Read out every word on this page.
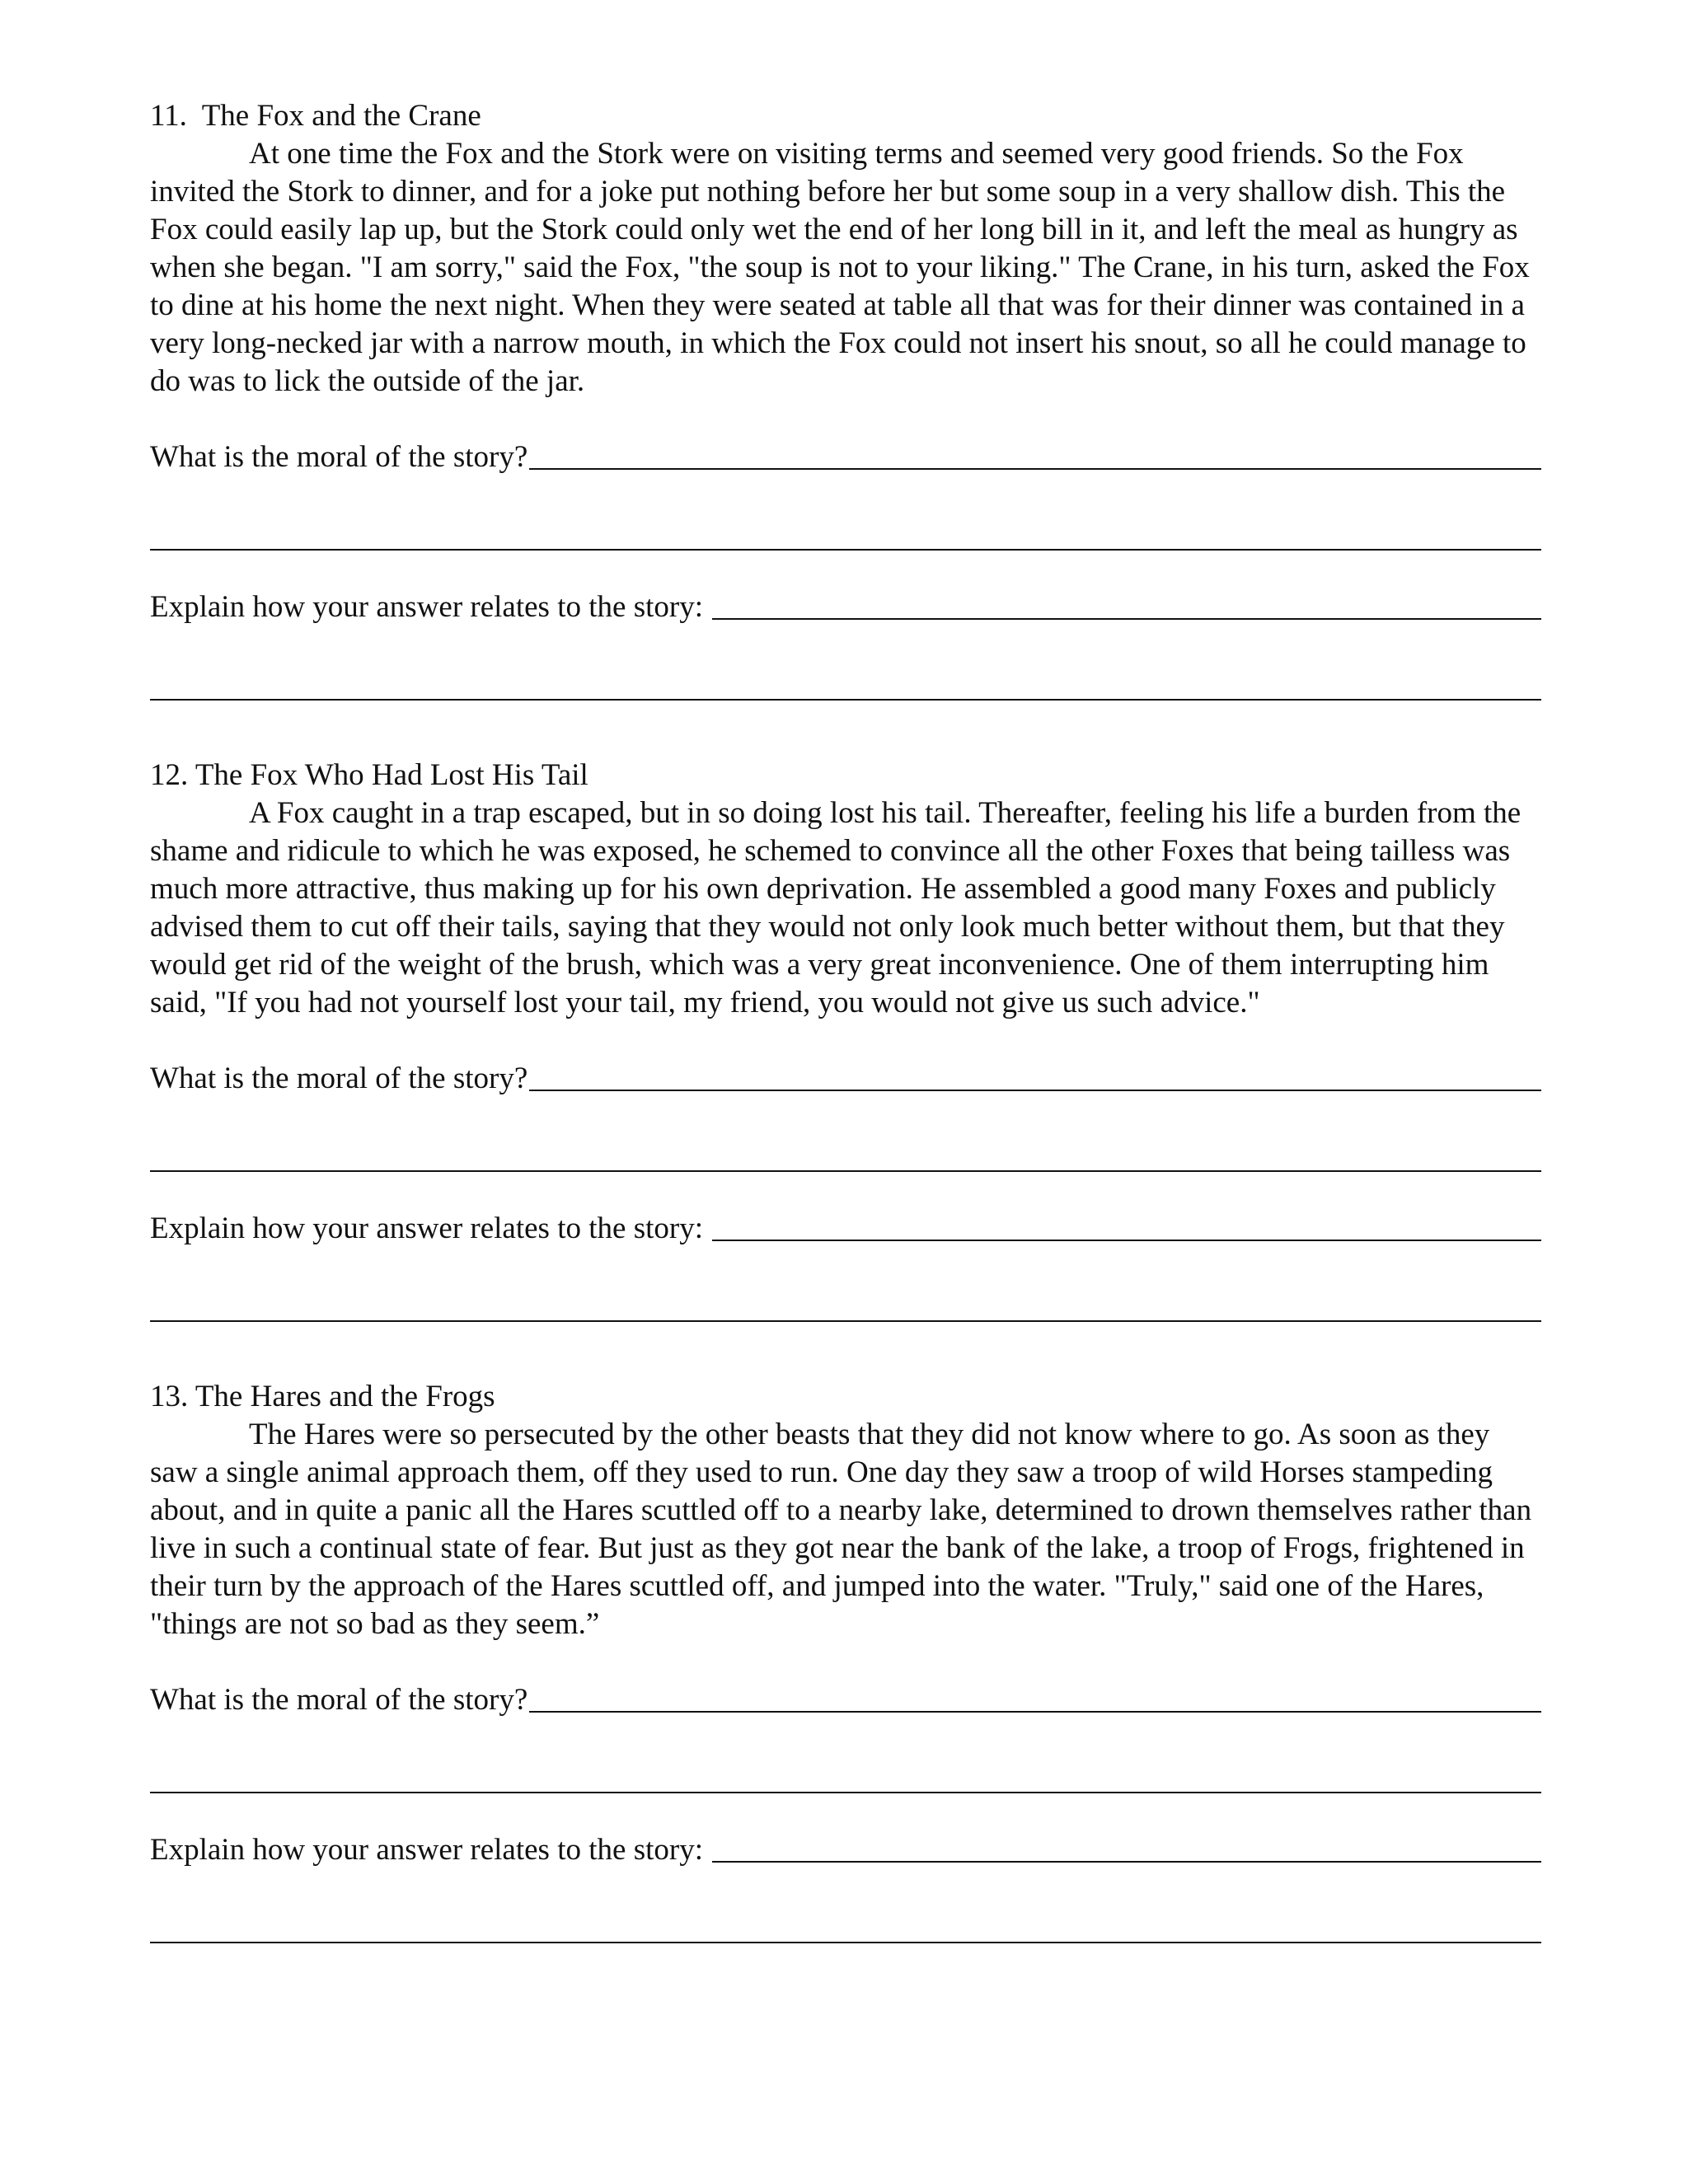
11.  The Fox and the Crane

At one time the Fox and the Stork were on visiting terms and seemed very good friends. So the Fox invited the Stork to dinner, and for a joke put nothing before her but some soup in a very shallow dish. This the Fox could easily lap up, but the Stork could only wet the end of her long bill in it, and left the meal as hungry as when she began. "I am sorry," said the Fox, "the soup is not to your liking." The Crane, in his turn, asked the Fox to dine at his home the next night. When they were seated at table all that was for their dinner was contained in a very long-necked jar with a narrow mouth, in which the Fox could not insert his snout, so all he could manage to do was to lick the outside of the jar.

What is the moral of the story?
Explain how your answer relates to the story:
12. The Fox Who Had Lost His Tail

A Fox caught in a trap escaped, but in so doing lost his tail. Thereafter, feeling his life a burden from the shame and ridicule to which he was exposed, he schemed to convince all the other Foxes that being tailless was much more attractive, thus making up for his own deprivation. He assembled a good many Foxes and publicly advised them to cut off their tails, saying that they would not only look much better without them, but that they would get rid of the weight of the brush, which was a very great inconvenience. One of them interrupting him said, "If you had not yourself lost your tail, my friend, you would not give us such advice."

What is the moral of the story?
Explain how your answer relates to the story:
13. The Hares and the Frogs

The Hares were so persecuted by the other beasts that they did not know where to go. As soon as they saw a single animal approach them, off they used to run. One day they saw a troop of wild Horses stampeding about, and in quite a panic all the Hares scuttled off to a nearby lake, determined to drown themselves rather than live in such a continual state of fear. But just as they got near the bank of the lake, a troop of Frogs, frightened in their turn by the approach of the Hares scuttled off, and jumped into the water. "Truly," said one of the Hares, "things are not so bad as they seem.”

What is the moral of the story?
Explain how your answer relates to the story:
